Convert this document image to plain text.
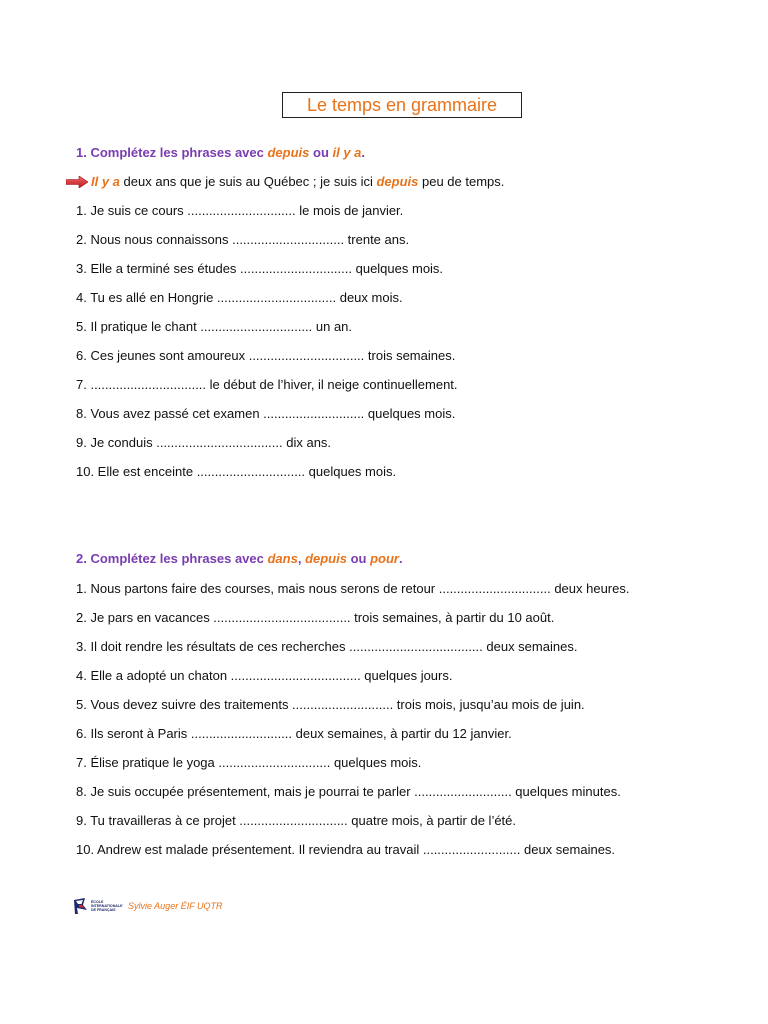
Le temps en grammaire
1. Complétez les phrases avec depuis ou il y a.
Il y a deux ans que je suis au Québec ; je suis ici depuis peu de temps.
1. Je suis ce cours .............................. le mois de janvier.
2. Nous nous connaissons ............................... trente ans.
3. Elle a terminé ses études ............................... quelques mois.
4. Tu es allé en Hongrie ................................. deux mois.
5. Il pratique le chant ............................... un an.
6. Ces jeunes sont amoureux ................................ trois semaines.
7. ................................ le début de l’hiver, il neige continuellement.
8. Vous avez passé cet examen ............................ quelques mois.
9. Je conduis ................................... dix ans.
10. Elle est enceinte .............................. quelques mois.
2. Complétez les phrases avec dans, depuis ou pour.
1. Nous partons faire des courses, mais nous serons de retour ............................... deux heures.
2. Je pars en vacances ...................................... trois semaines, à partir du 10 août.
3. Il doit rendre les résultats de ces recherches ..................................... deux semaines.
4. Elle a adopté un chaton .................................... quelques jours.
5. Vous devez suivre des traitements ............................ trois mois, jusqu’au mois de juin.
6. Ils seront à Paris ............................ deux semaines, à partir du 12 janvier.
7. Élise pratique le yoga ............................... quelques mois.
8. Je suis occupée présentement, mais je pourrai te parler ........................... quelques minutes.
9. Tu travailleras à ce projet .............................. quatre mois, à partir de l’été.
10. Andrew est malade présentement. Il reviendra au travail ........................... deux semaines.
ÉCOLE
INTERNATIONALE
DE FRANÇAIS	Sylvie Auger ÉIF UQTR
